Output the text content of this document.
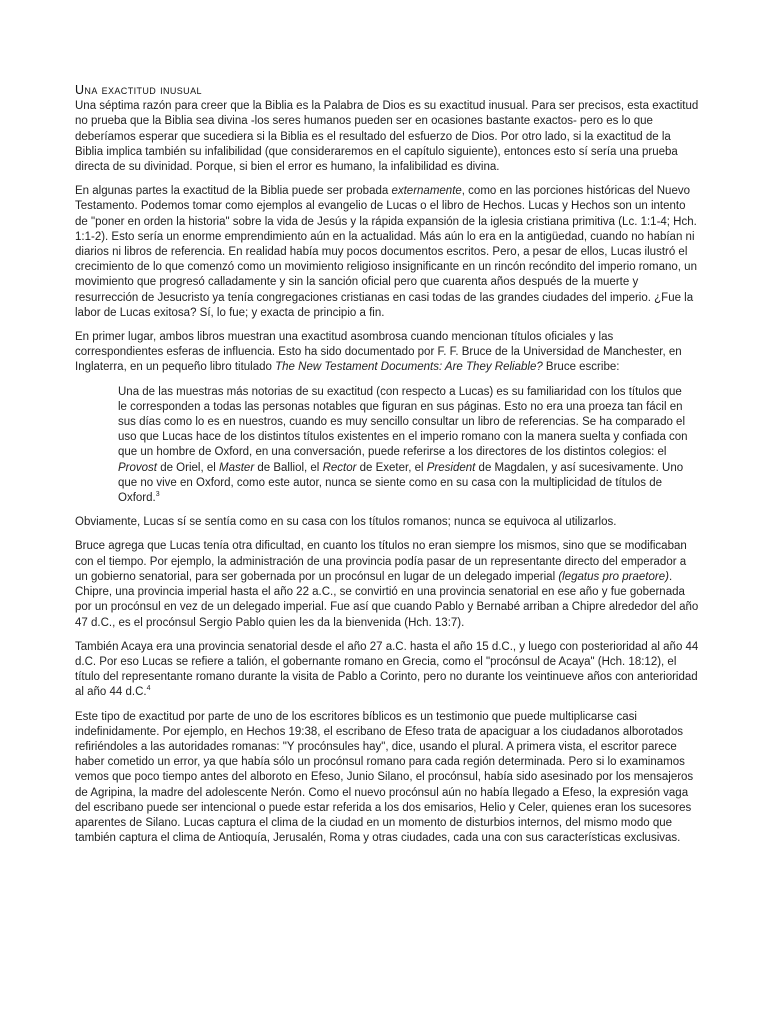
Una exactitud inusual

Una séptima razón para creer que la Biblia es la Palabra de Dios es su exactitud inusual. Para ser precisos, esta exactitud no prueba que la Biblia sea divina -los seres humanos pueden ser en ocasiones bastante exactos- pero es lo que deberíamos esperar que sucediera si la Biblia es el resultado del esfuerzo de Dios. Por otro lado, si la exactitud de la Biblia implica también su infalibilidad (que consideraremos en el capítulo siguiente), entonces esto sí sería una prueba directa de su divinidad. Porque, si bien el error es humano, la infalibilidad es divina.

En algunas partes la exactitud de la Biblia puede ser probada externamente, como en las porciones históricas del Nuevo Testamento. Podemos tomar como ejemplos al evangelio de Lucas o el libro de Hechos. Lucas y Hechos son un intento de "poner en orden la historia" sobre la vida de Jesús y la rápida expansión de la iglesia cristiana primitiva (Lc. 1:1-4; Hch. 1:1-2). Esto sería un enorme emprendimiento aún en la actualidad. Más aún lo era en la antigüedad, cuando no habían ni diarios ni libros de referencia. En realidad había muy pocos documentos escritos. Pero, a pesar de ellos, Lucas ilustró el crecimiento de lo que comenzó como un movimiento religioso insignificante en un rincón recóndito del imperio romano, un movimiento que progresó calladamente y sin la sanción oficial pero que cuarenta años después de la muerte y resurrección de Jesucristo ya tenía congregaciones cristianas en casi todas de las grandes ciudades del imperio. ¿Fue la labor de Lucas exitosa? Sí, lo fue; y exacta de principio a fin.

En primer lugar, ambos libros muestran una exactitud asombrosa cuando mencionan títulos oficiales y las correspondientes esferas de influencia. Esto ha sido documentado por F. F. Bruce de la Universidad de Manchester, en Inglaterra, en un pequeño libro titulado The New Testament Documents: Are They Reliable? Bruce escribe:

Una de las muestras más notorias de su exactitud (con respecto a Lucas) es su familiaridad con los títulos que le corresponden a todas las personas notables que figuran en sus páginas. Esto no era una proeza tan fácil en sus días como lo es en nuestros, cuando es muy sencillo consultar un libro de referencias. Se ha comparado el uso que Lucas hace de los distintos títulos existentes en el imperio romano con la manera suelta y confiada con que un hombre de Oxford, en una conversación, puede referirse a los directores de los distintos colegios: el Provost de Oriel, el Master de Balliol, el Rector de Exeter, el President de Magdalen, y así sucesivamente. Uno que no vive en Oxford, como este autor, nunca se siente como en su casa con la multiplicidad de títulos de Oxford.$^3$

Obviamente, Lucas sí se sentía como en su casa con los títulos romanos; nunca se equivoca al utilizarlos.

Bruce agrega que Lucas tenía otra dificultad, en cuanto los títulos no eran siempre los mismos, sino que se modificaban con el tiempo. Por ejemplo, la administración de una provincia podía pasar de un representante directo del emperador a un gobierno senatorial, para ser gobernada por un procónsul en lugar de un delegado imperial (legatus pro praetore). Chipre, una provincia imperial hasta el año 22 a.C., se convirtió en una provincia senatorial en ese año y fue gobernada por un procónsul en vez de un delegado imperial. Fue así que cuando Pablo y Bernabé arriban a Chipre alrededor del año 47 d.C., es el procónsul Sergio Pablo quien les da la bienvenida (Hch. 13:7).

También Acaya era una provincia senatorial desde el año 27 a.C. hasta el año 15 d.C., y luego con posterioridad al año 44 d.C. Por eso Lucas se refiere a talión, el gobernante romano en Grecia, como el "procónsul de Acaya" (Hch. 18:12), el título del representante romano durante la visita de Pablo a Corinto, pero no durante los veintinueve años con anterioridad al año 44 d.C.$^4$

Este tipo de exactitud por parte de uno de los escritores bíblicos es un testimonio que puede multiplicarse casi indefinidamente. Por ejemplo, en Hechos 19:38, el escribano de Efeso trata de apaciguar a los ciudadanos alborotados refiriéndoles a las autoridades romanas: "Y procónsules hay", dice, usando el plural. A primera vista, el escritor parece haber cometido un error, ya que había sólo un procónsul romano para cada región determinada. Pero si lo examinamos vemos que poco tiempo antes del alboroto en Efeso, Junio Silano, el procónsul, había sido asesinado por los mensajeros de Agripina, la madre del adolescente Nerón. Como el nuevo procónsul aún no había llegado a Efeso, la expresión vaga del escribano puede ser intencional o puede estar referida a los dos emisarios, Helio y Celer, quienes eran los sucesores aparentes de Silano. Lucas captura el clima de la ciudad en un momento de disturbios internos, del mismo modo que también captura el clima de Antioquía, Jerusalén, Roma y otras ciudades, cada una con sus características exclusivas.
